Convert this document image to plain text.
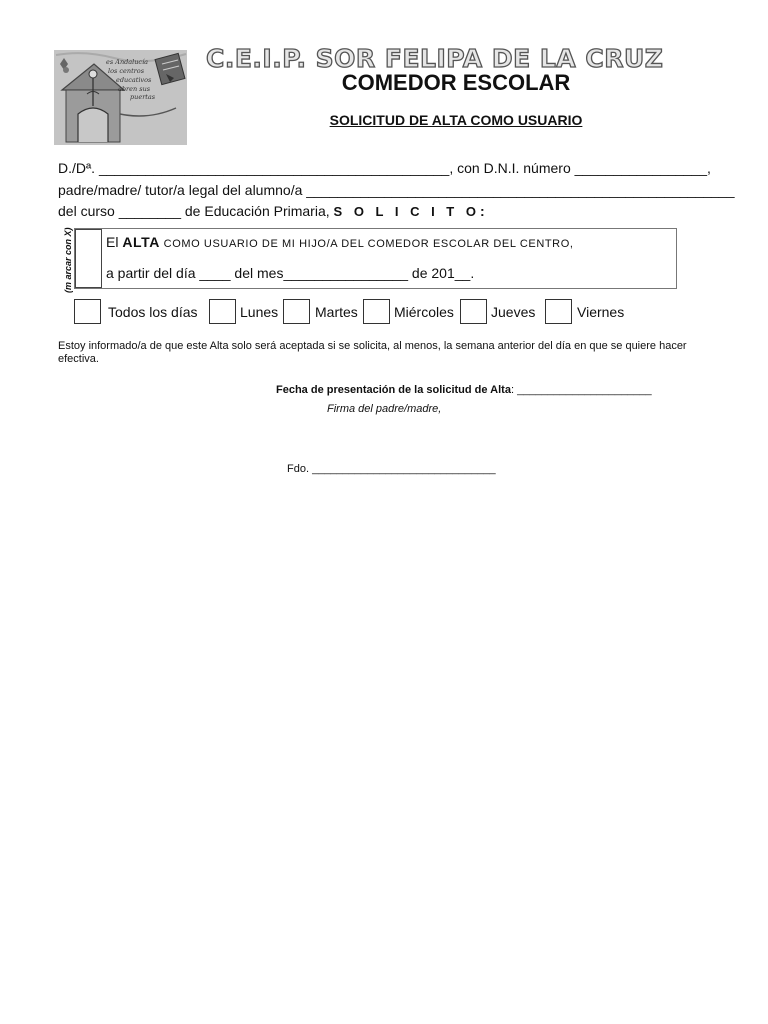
es Andalucía
los centros
educativos
abren sus
puertas
C.E.I.P. SOR FELIPA DE LA CRUZ
COMEDOR ESCOLAR
SOLICITUD DE ALTA COMO USUARIO
D./Dª. _____________________________________________, con D.N.I. número _________________,
padre/madre/ tutor/a legal del alumno/a _______________________________________________________
del curso ________ de Educación Primaria, S O L I C I T O:
(m arcar con X) El ALTA COMO USUARIO DE MI HIJO/A DEL COMEDOR ESCOLAR DEL CENTRO,
a partir del día ____ del mes________________ de 201__.
Todos los días	Lunes	Martes	Miércoles	Jueves	Viernes
Estoy informado/a de que este Alta solo será aceptada si se solicita, al menos, la semana anterior del día en que se quiere hacer efectiva.
Fecha de presentación de la solicitud de Alta: ______________________
Firma del padre/madre,
Fdo. ______________________________
